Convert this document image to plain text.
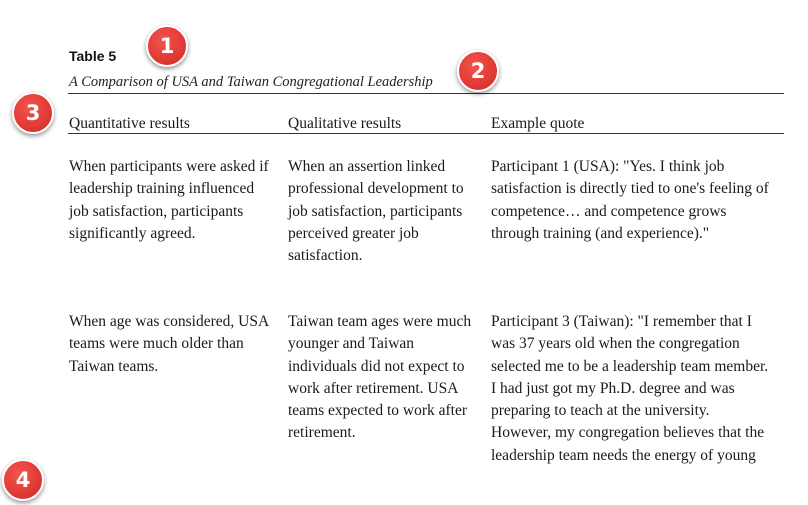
Table 5
A Comparison of USA and Taiwan Congregational Leadership
Quantitative results	Qualitative results	Example quote
When participants were asked if
leadership training influenced
job satisfaction, participants
significantly agreed.
When an assertion linked
professional development to
job satisfaction, participants
perceived greater job
satisfaction.
Participant 1 (USA): "Yes. I think job
satisfaction is directly tied to one's feeling of
competence… and competence grows
through training (and experience)."
When age was considered, USA
teams were much older than
Taiwan teams.
Taiwan team ages were much
younger and Taiwan
individuals did not expect to
work after retirement. USA
teams expected to work after
retirement.
Participant 3 (Taiwan): "I remember that I
was 37 years old when the congregation
selected me to be a leadership team member.
I had just got my Ph.D. degree and was
preparing to teach at the university.
However, my congregation believes that the
leadership team needs the energy of young
1
2
3
4
